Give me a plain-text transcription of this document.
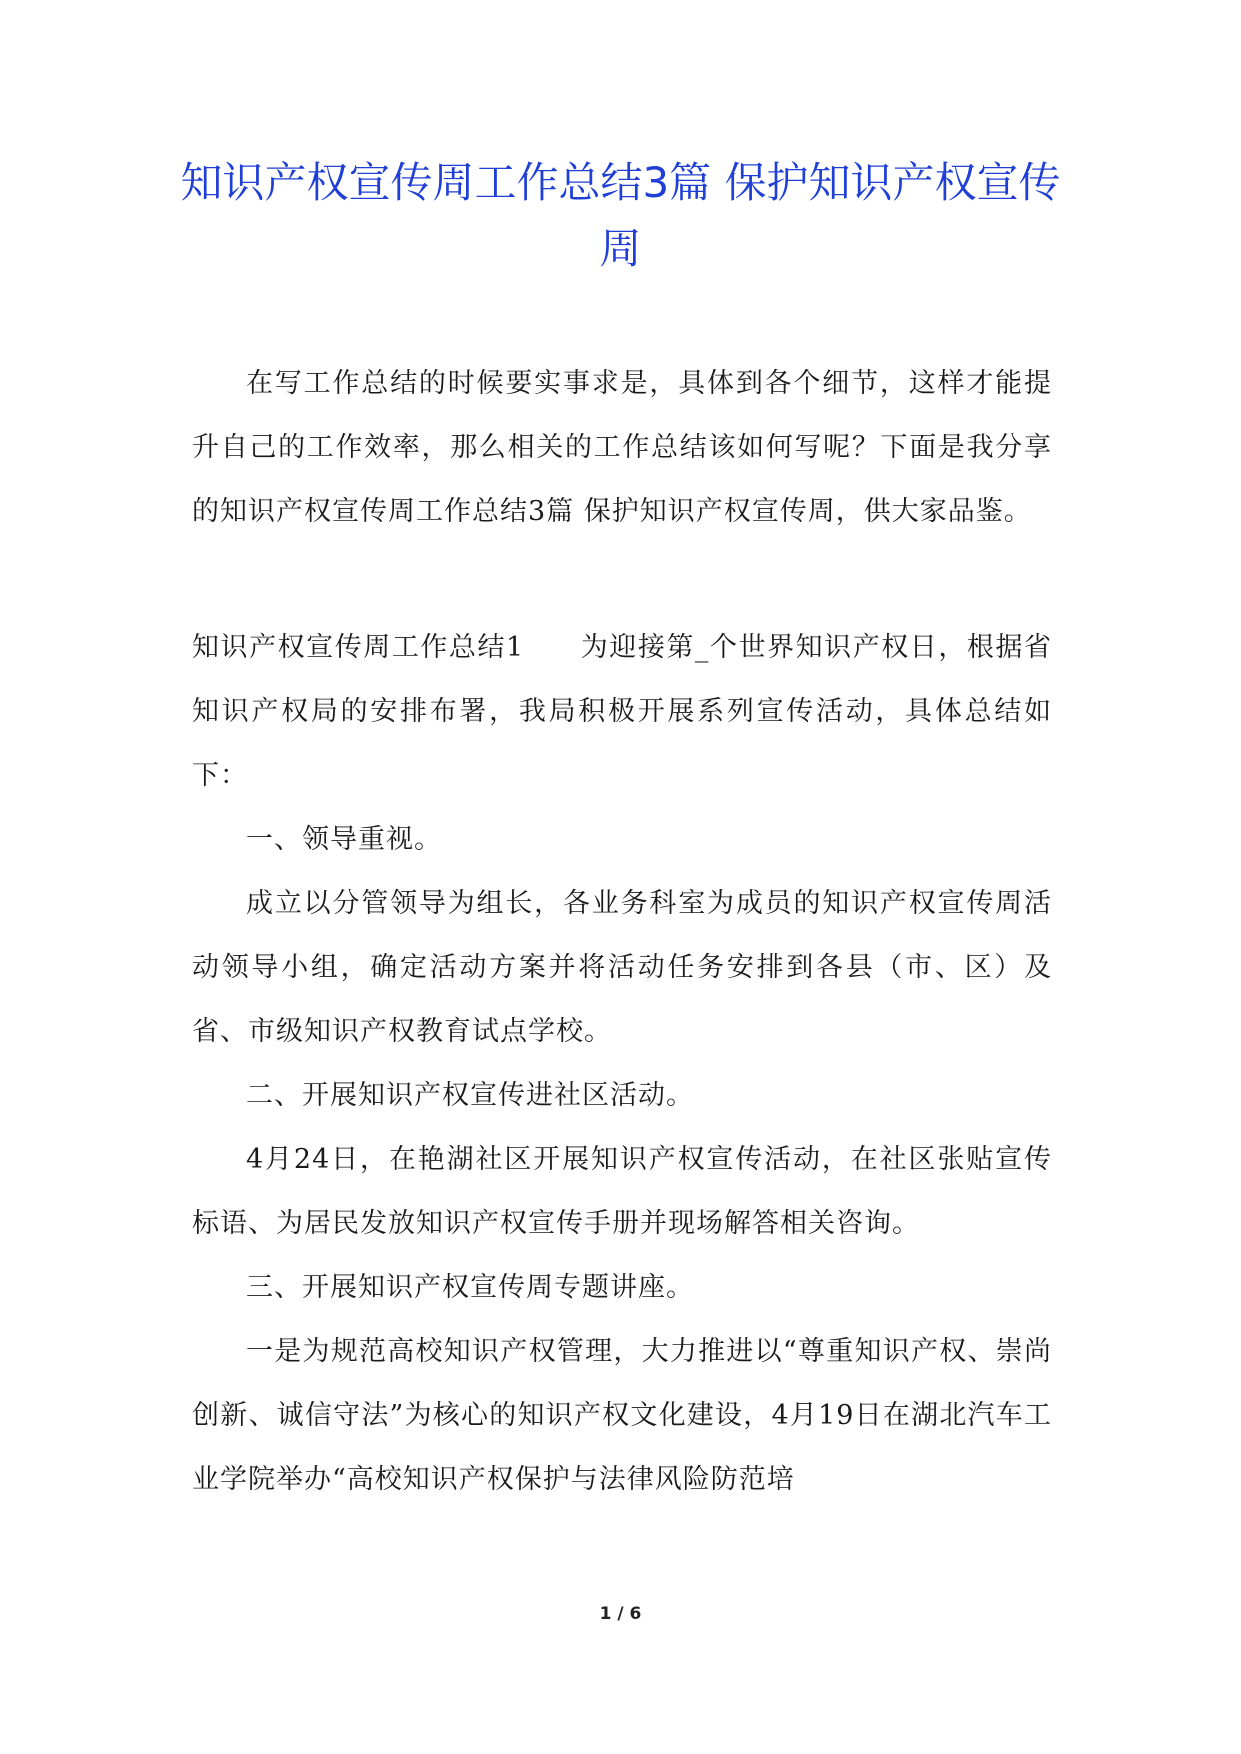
知识产权宣传周工作总结3篇 保护知识产权宣传周

在写工作总结的时候要实事求是，具体到各个细节，这样才能提升自己的工作效率，那么相关的工作总结该如何写呢？下面是我分享的知识产权宣传周工作总结3篇 保护知识产权宣传周，供大家品鉴。

知识产权宣传周工作总结1 为迎接第_个世界知识产权日，根据省知识产权局的安排布署，我局积极开展系列宣传活动，具体总结如下：

一、领导重视。

成立以分管领导为组长，各业务科室为成员的知识产权宣传周活动领导小组，确定活动方案并将活动任务安排到各县（市、区）及省、市级知识产权教育试点学校。

二、开展知识产权宣传进社区活动。

4月24日，在艳湖社区开展知识产权宣传活动，在社区张贴宣传标语、为居民发放知识产权宣传手册并现场解答相关咨询。

三、开展知识产权宣传周专题讲座。

一是为规范高校知识产权管理，大力推进以“尊重知识产权、崇尚创新、诚信守法”为核心的知识产权文化建设，4月19日在湖北汽车工业学院举办“高校知识产权保护与法律风险防范培

1 / 6
